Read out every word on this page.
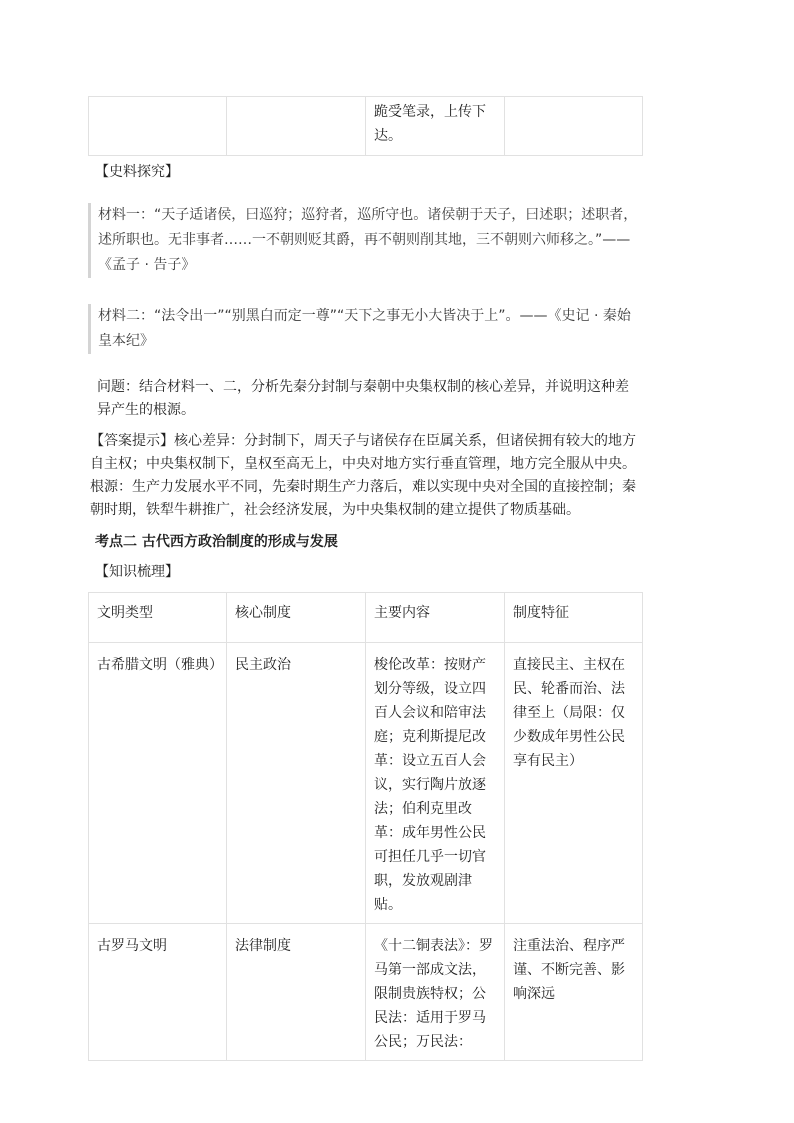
		跪受笔录，上传下达。	
【史料探究】
材料一：“天子适诸侯，曰巡狩；巡狩者，巡所守也。诸侯朝于天子，曰述职；述职者，述所职也。无非事者……一不朝则贬其爵，再不朝则削其地，三不朝则六师移之。”——《孟子 · 告子》
材料二：“法令出一”“别黑白而定一尊”“天下之事无小大皆决于上”。——《史记 · 秦始皇本纪》
问题：结合材料一、二，分析先秦分封制与秦朝中央集权制的核心差异，并说明这种差异产生的根源。
【答案提示】核心差异：分封制下，周天子与诸侯存在臣属关系，但诸侯拥有较大的地方自主权；中央集权制下，皇权至高无上，中央对地方实行垂直管理，地方完全服从中央。根源：生产力发展水平不同，先秦时期生产力落后，难以实现中央对全国的直接控制；秦朝时期，铁犁牛耕推广，社会经济发展，为中央集权制的建立提供了物质基础。
考点二 古代西方政治制度的形成与发展
【知识梳理】
文明类型	核心制度	主要内容	制度特征
古希腊文明（雅典）	民主政治	梭伦改革：按财产划分等级，设立四百人会议和陪审法庭；克利斯提尼改革：设立五百人会议，实行陶片放逐法；伯利克里改革：成年男性公民可担任几乎一切官职，发放观剧津贴。	直接民主、主权在民、轮番而治、法律至上（局限：仅少数成年男性公民享有民主）
古罗马文明	法律制度	《十二铜表法》：罗马第一部成文法，限制贵族特权；公民法：适用于罗马公民；万民法：	注重法治、程序严谨、不断完善、影响深远
